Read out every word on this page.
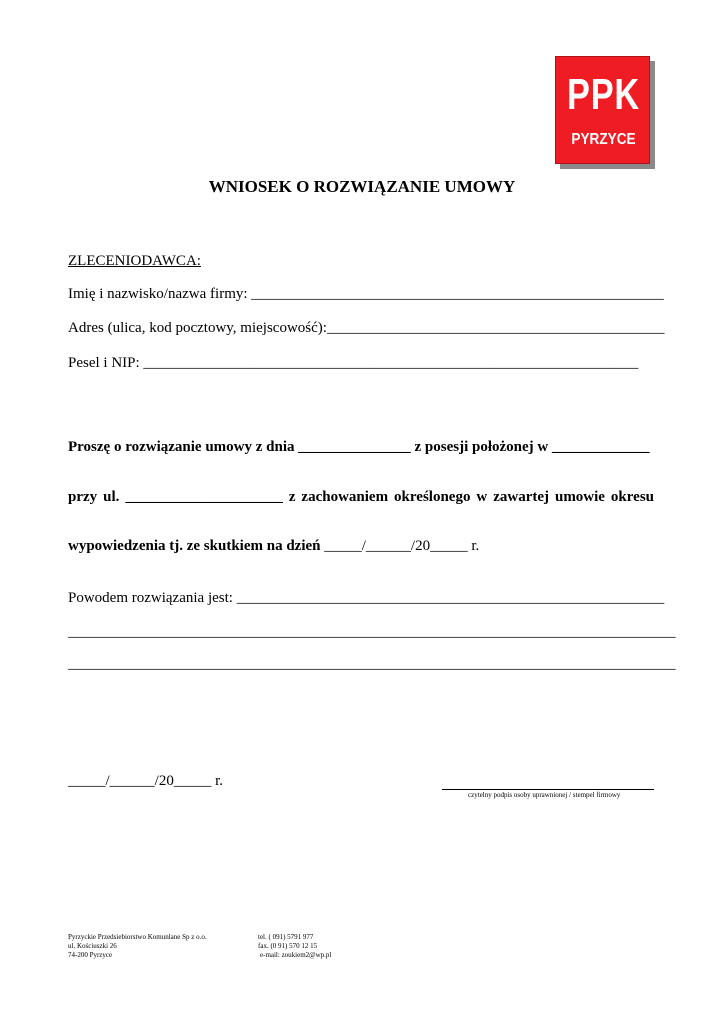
PPK
PYRZYCE
WNIOSEK O ROZWIĄZANIE UMOWY
ZLECENIODAWCA:
Imię i nazwisko/nazwa firmy: _______________________________________________________
Adres (ulica, kod pocztowy, miejscowość):_____________________________________________
Pesel i NIP: __________________________________________________________________
Proszę o rozwiązanie umowy z dnia _______________ z posesji położonej w _____________
przy ul. _____________________ z zachowaniem określonego w zawartej umowie okresu
wypowiedzenia tj. ze skutkiem na dzień _____/______/20_____ r.
Powodem rozwiązania jest: _________________________________________________________
_________________________________________________________________________________
_________________________________________________________________________________
_____/______/20_____ r.
czytelny podpis osoby uprawnionej / stempel firmowy
Pyrzyckie Przedsiebiorstwo Komunlane Sp z o.o.
ul. Kościuszki 26
74-200 Pyrzyce
tel. ( 091) 5791 977
fax. (0 91) 570 12 15
e-mail: zoukiem2@wp.pl
